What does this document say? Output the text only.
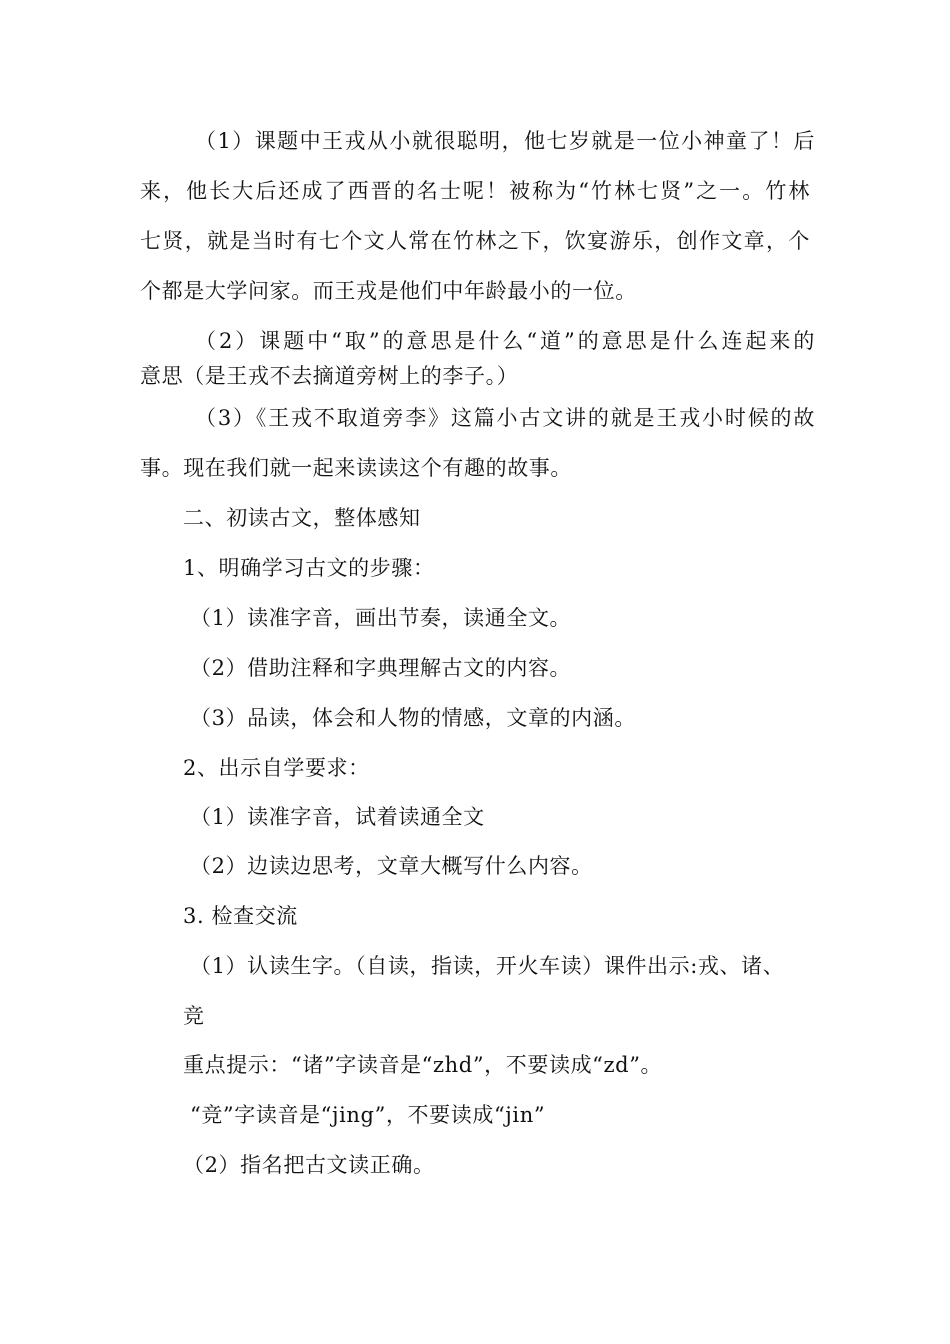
（1）课题中王戎从小就很聪明，他七岁就是一位小神童了！后
来，他长大后还成了西晋的名士呢！被称为“竹林七贤”之一。竹林
七贤，就是当时有七个文人常在竹林之下，饮宴游乐，创作文章，个
个都是大学问家。而王戎是他们中年龄最小的一位。
（2）课题中“取”的意思是什么“道”的意思是什么连起来的
意思（是王戎不去摘道旁树上的李子。）
（3）《王戎不取道旁李》这篇小古文讲的就是王戎小时候的故
事。现在我们就一起来读读这个有趣的故事。
二、初读古文，整体感知
1、明确学习古文的步骤：
（1）读准字音，画出节奏，读通全文。
（2）借助注释和字典理解古文的内容。
（3）品读，体会和人物的情感，文章的内涵。
2、出示自学要求：
（1）读准字音，试着读通全文
（2）边读边思考，文章大概写什么内容。
3. 检查交流
（1）认读生字。（自读，指读，开火车读）课件出示:戎、诸、
竞
重点提示：“诸”字读音是“zhd”，不要读成“zd”。
“竞”字读音是“jing”，不要读成“jin”
（2）指名把古文读正确。
